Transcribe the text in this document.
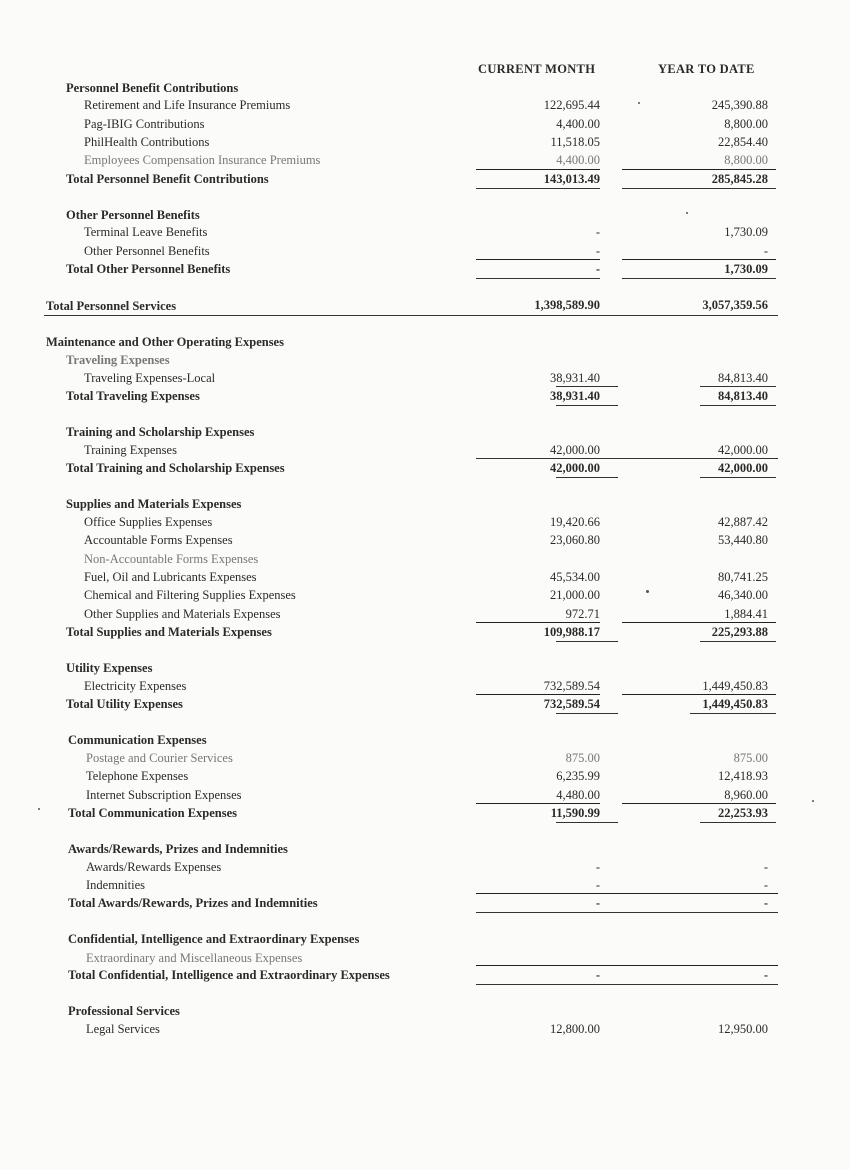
CURRENT MONTH	YEAR TO DATE
Personnel Benefit Contributions
Retirement and Life Insurance Premiums	122,695.44	245,390.88
Pag-IBIG Contributions	4,400.00	8,800.00
PhilHealth Contributions	11,518.05	22,854.40
Employees Compensation Insurance Premiums	4,400.00	8,800.00
Total Personnel Benefit Contributions	143,013.49	285,845.28
Other Personnel Benefits
Terminal Leave Benefits	-	1,730.09
Other Personnel Benefits	-	-
Total Other Personnel Benefits	-	1,730.09
Total Personnel Services	1,398,589.90	3,057,359.56
Maintenance and Other Operating Expenses
Traveling Expenses
Traveling Expenses-Local	38,931.40	84,813.40
Total Traveling Expenses	38,931.40	84,813.40
Training and Scholarship Expenses
Training Expenses	42,000.00	42,000.00
Total Training and Scholarship Expenses	42,000.00	42,000.00
Supplies and Materials Expenses
Office Supplies Expenses	19,420.66	42,887.42
Accountable Forms Expenses	23,060.80	53,440.80
Non-Accountable Forms Expenses
Fuel, Oil and Lubricants Expenses	45,534.00	80,741.25
Chemical and Filtering Supplies Expenses	21,000.00	46,340.00
Other Supplies and Materials Expenses	972.71	1,884.41
Total Supplies and Materials Expenses	109,988.17	225,293.88
Utility Expenses
Electricity Expenses	732,589.54	1,449,450.83
Total Utility Expenses	732,589.54	1,449,450.83
Communication Expenses
Postage and Courier Services	875.00	875.00
Telephone Expenses	6,235.99	12,418.93
Internet Subscription Expenses	4,480.00	8,960.00
Total Communication Expenses	11,590.99	22,253.93
Awards/Rewards, Prizes and Indemnities
Awards/Rewards Expenses	-	-
Indemnities	-	-
Total Awards/Rewards, Prizes and Indemnities	-	-
Confidential, Intelligence and Extraordinary Expenses
Extraordinary and Miscellaneous Expenses
Total Confidential, Intelligence and Extraordinary Expenses	-	-
Professional Services
Legal Services	12,800.00	12,950.00
